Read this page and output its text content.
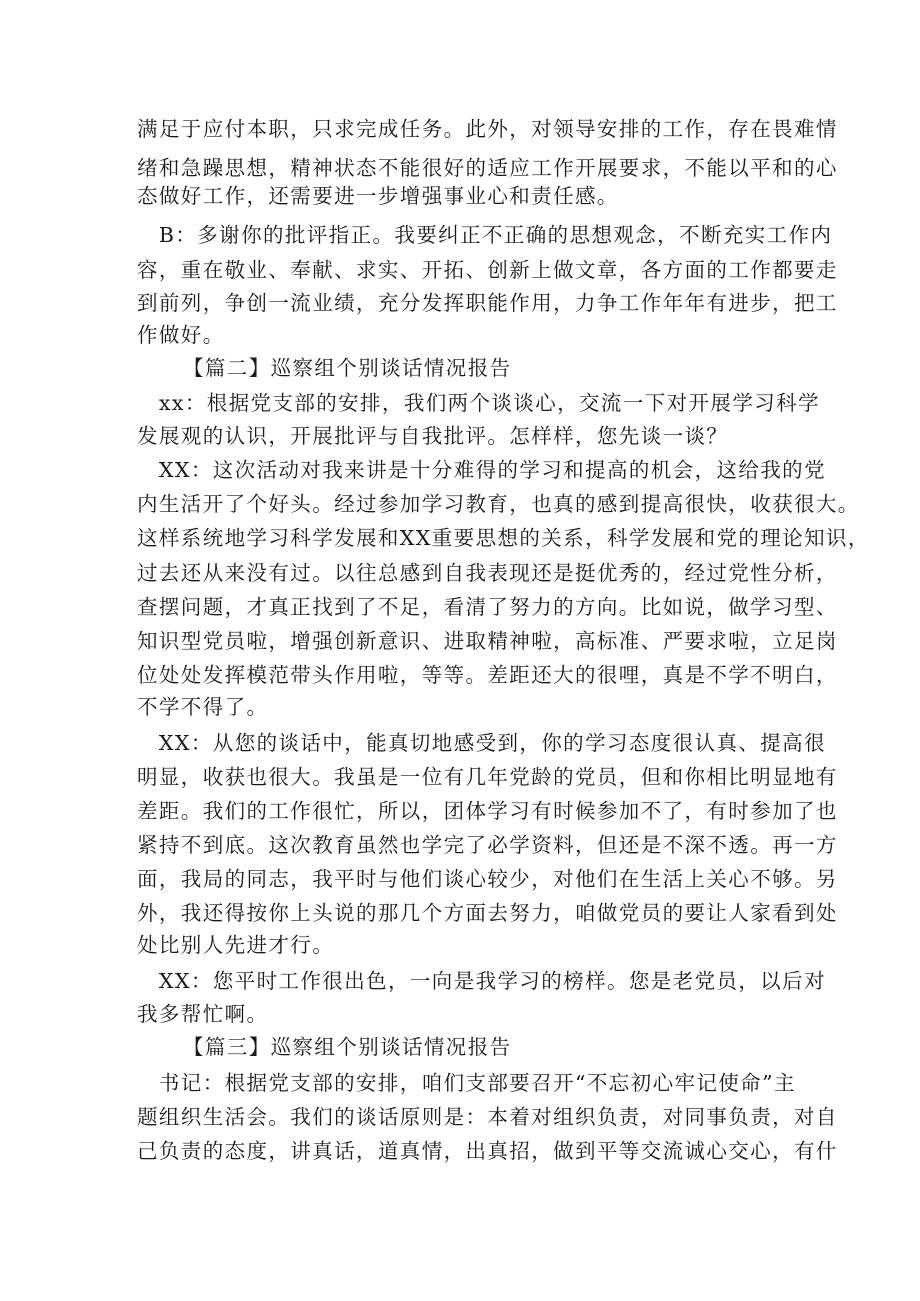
满足于应付本职，只求完成任务。此外，对领导安排的工作，存在畏难情
绪和急躁思想，精神状态不能很好的适应工作开展要求，不能以平和的心
态做好工作，还需要进一步增强事业心和责任感。
　B：多谢你的批评指正。我要纠正不正确的思想观念，不断充实工作内
容，重在敬业、奉献、求实、开拓、创新上做文章，各方面的工作都要走
到前列，争创一流业绩，充分发挥职能作用，力争工作年年有进步，把工
作做好。
【篇二】巡察组个别谈话情况报告
　xx：根据党支部的安排，我们两个谈谈心，交流一下对开展学习科学
发展观的认识，开展批评与自我批评。怎样样，您先谈一谈？
　XX：这次活动对我来讲是十分难得的学习和提高的机会，这给我的党
内生活开了个好头。经过参加学习教育，也真的感到提高很快，收获很大。
这样系统地学习科学发展和XX重要思想的关系，科学发展和党的理论知识，
过去还从来没有过。以往总感到自我表现还是挺优秀的，经过党性分析，
查摆问题，才真正找到了不足，看清了努力的方向。比如说，做学习型、
知识型党员啦，增强创新意识、进取精神啦，高标准、严要求啦，立足岗
位处处发挥模范带头作用啦，等等。差距还大的很哩，真是不学不明白，
不学不得了。
　XX：从您的谈话中，能真切地感受到，你的学习态度很认真、提高很
明显，收获也很大。我虽是一位有几年党龄的党员，但和你相比明显地有
差距。我们的工作很忙，所以，团体学习有时候参加不了，有时参加了也
紧持不到底。这次教育虽然也学完了必学资料，但还是不深不透。再一方
面，我局的同志，我平时与他们谈心较少，对他们在生活上关心不够。另
外，我还得按你上头说的那几个方面去努力，咱做党员的要让人家看到处
处比别人先进才行。
　XX：您平时工作很出色，一向是我学习的榜样。您是老党员，以后对
我多帮忙啊。
【篇三】巡察组个别谈话情况报告
　书记：根据党支部的安排，咱们支部要召开“不忘初心牢记使命”主
题组织生活会。我们的谈话原则是：本着对组织负责，对同事负责，对自
己负责的态度，讲真话，道真情，出真招，做到平等交流诚心交心，有什
